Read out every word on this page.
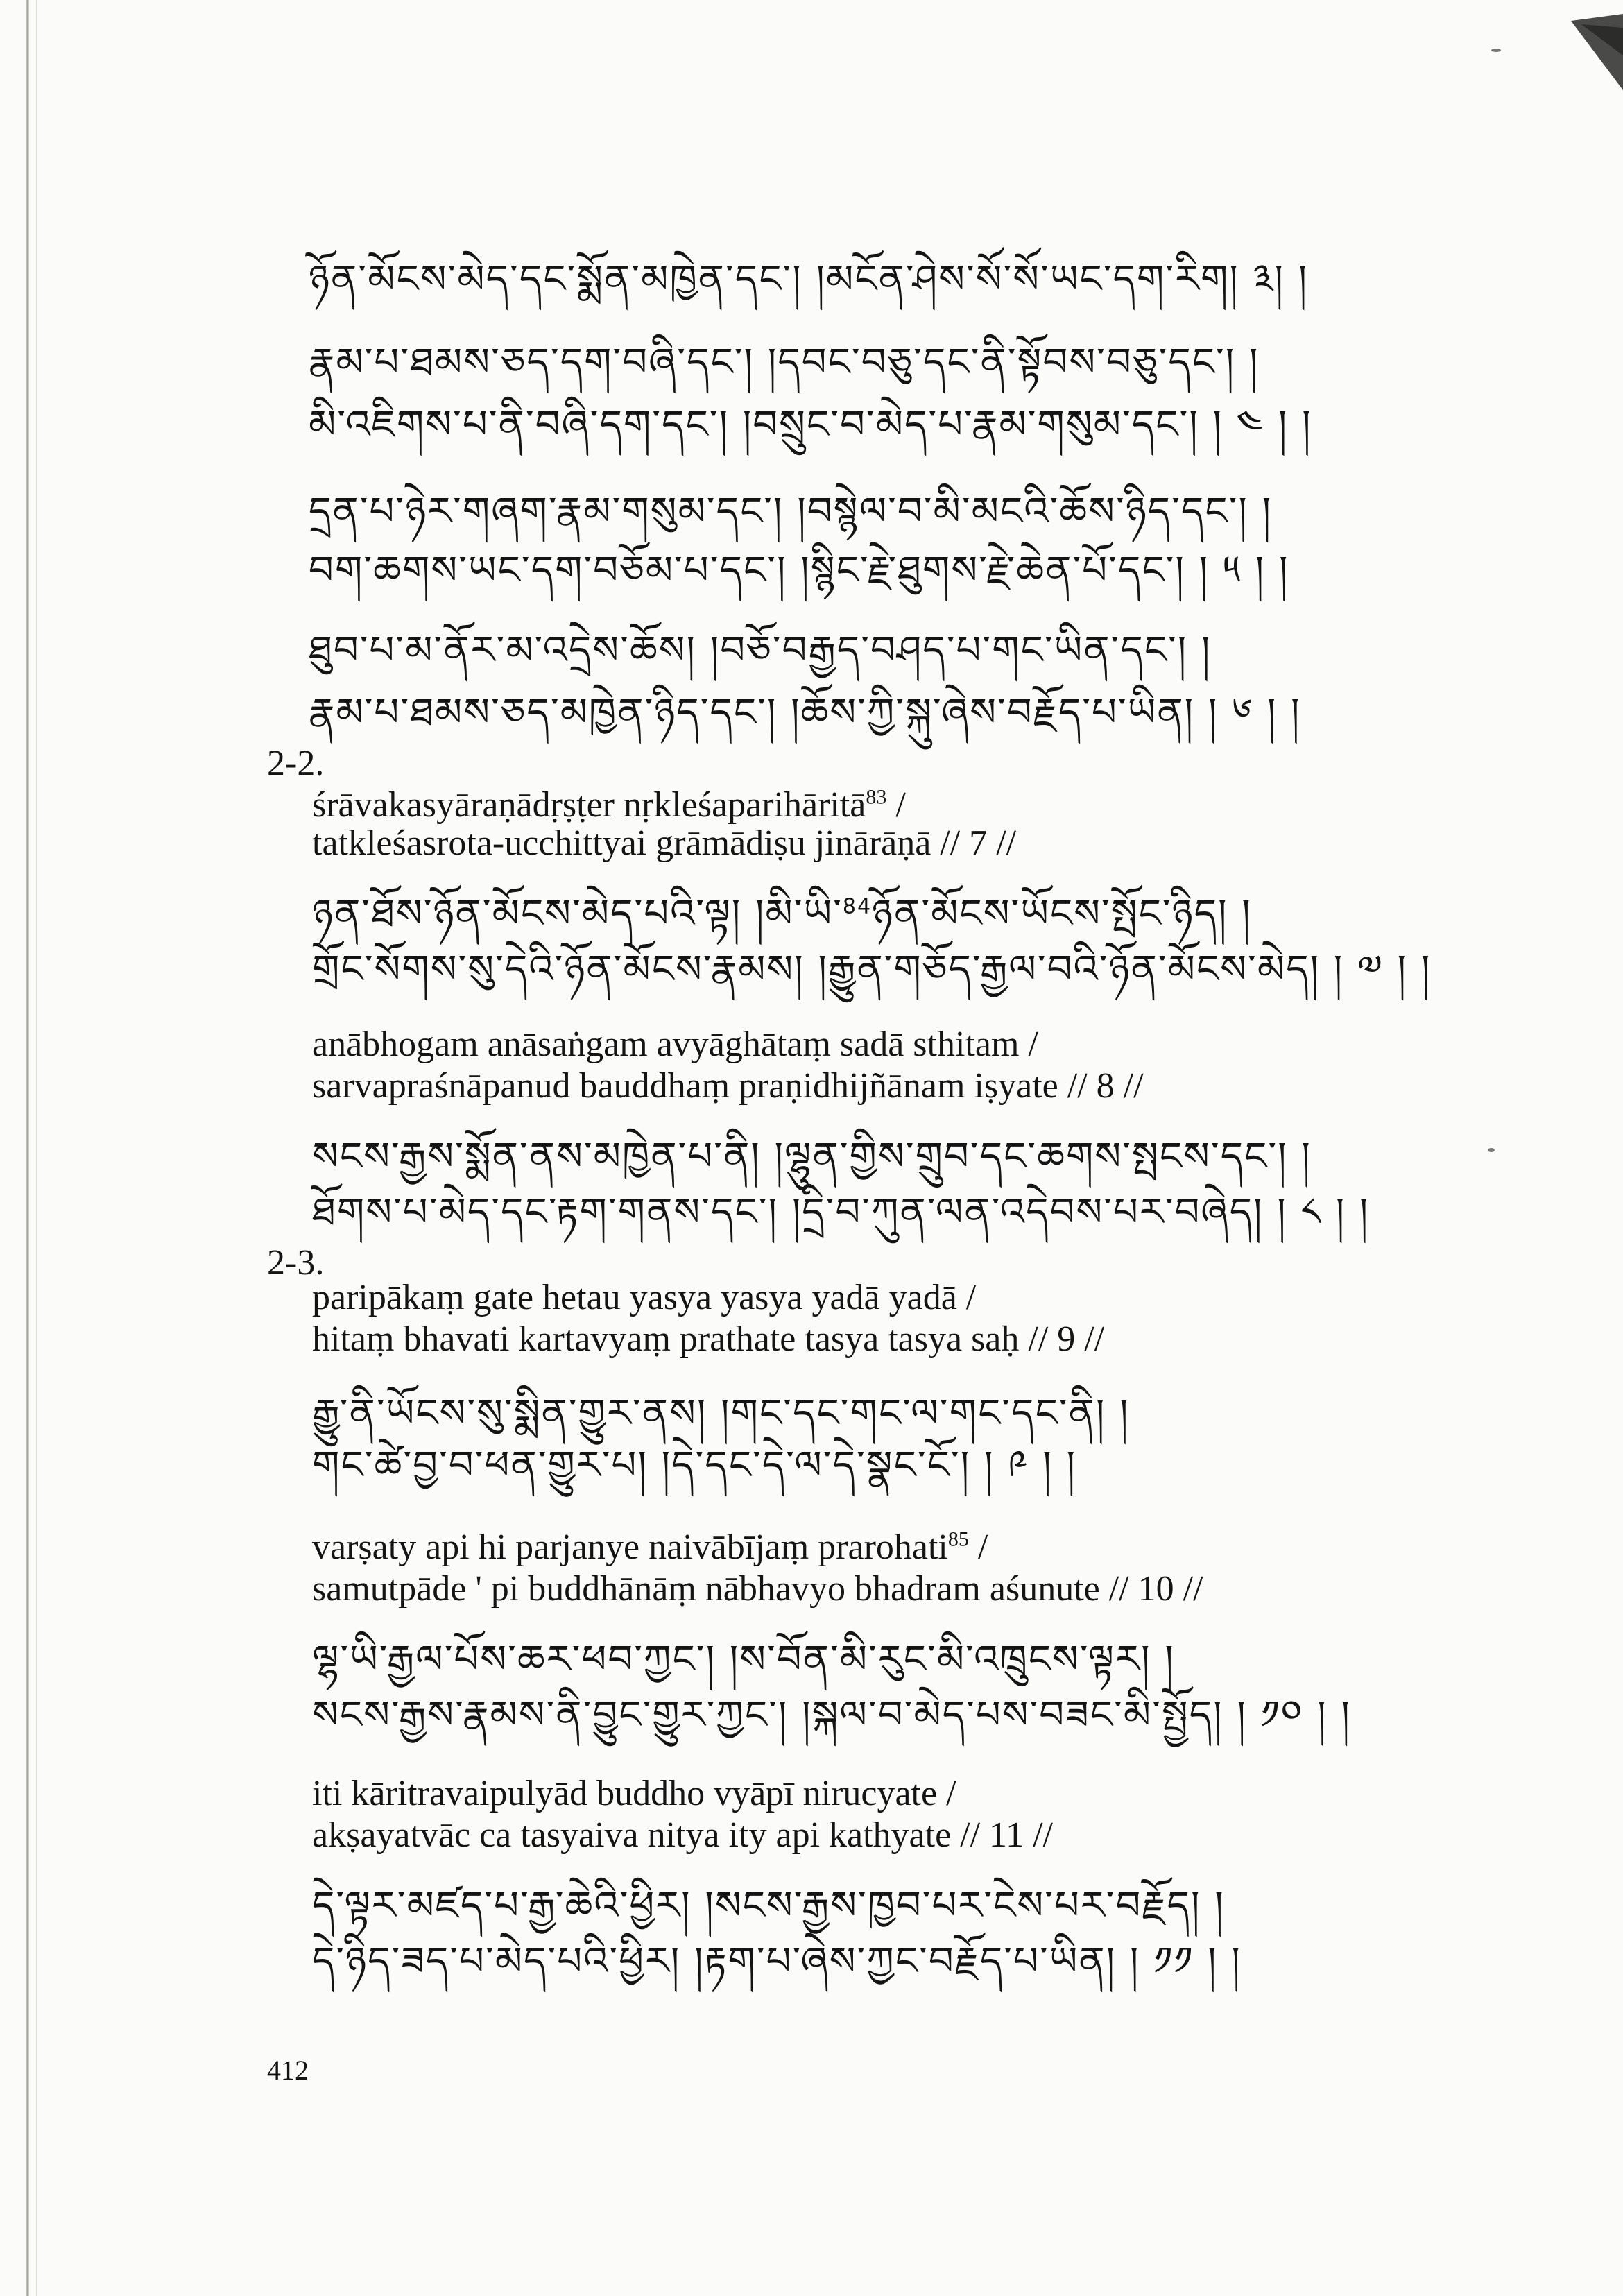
ཉོན་མོངས་མེད་དང་སྨོན་མཁྱེན་དང་། །མངོན་ཤེས་སོ་སོ་ཡང་དག་རིག། ༣། །
རྣམ་པ་ཐམས་ཅད་དག་བཞི་དང་། །དབང་བཅུ་དང་ནི་སྟོབས་བཅུ་དང་། །
མི་འཇིགས་པ་ནི་བཞི་དག་དང་། །བསྲུང་བ་མེད་པ་རྣམ་གསུམ་དང་། ། ༤ ། །
དྲན་པ་ཉེར་གཞག་རྣམ་གསུམ་དང་། །བསྙེལ་བ་མི་མངའི་ཆོས་ཉིད་དང་། །
བག་ཆགས་ཡང་དག་བཅོམ་པ་དང་། །སྙིང་རྗེ་ཐུགས་རྗེ་ཆེན་པོ་དང་། ། ༥ ། །
ཐུབ་པ་མ་ནོར་མ་འདྲེས་ཆོས། །བཅོ་བརྒྱད་བཤད་པ་གང་ཡིན་དང་། །
རྣམ་པ་ཐམས་ཅད་མཁྱེན་ཉིད་དང་། །ཆོས་ཀྱི་སྐུ་ཞེས་བརྗོད་པ་ཡིན། ། ༦ ། །
2-2.
śrāvakasyāraṇādṛṣṭer nṛkleśaparihāritā$^{83}$ /
tatkleśasrota-ucchittyai grāmādiṣu jinārāṇā // 7 //
ཉན་ཐོས་ཉོན་མོངས་མེད་པའི་ལྟ། །མི་ཡི་$^{84}$ཉོན་མོངས་ཡོངས་སྤོང་ཉིད། །
གྲོང་སོགས་སུ་དེའི་ཉོན་མོངས་རྣམས། །རྒྱུན་གཅོད་རྒྱལ་བའི་ཉོན་མོངས་མེད། ། ༧ ། །
anābhogam anāsaṅgam avyāghātaṃ sadā sthitam /
sarvapraśnāpanud bauddhaṃ praṇidhijñānam iṣyate // 8 //
སངས་རྒྱས་སྨོན་ནས་མཁྱེན་པ་ནི། །ལྷུན་གྱིས་གྲུབ་དང་ཆགས་སྤངས་དང་། །
ཐོགས་པ་མེད་དང་རྟག་གནས་དང་། །དྲི་བ་ཀུན་ལན་འདེབས་པར་བཞེད། ། ༨ ། །
2-3.
paripākaṃ gate hetau yasya yasya yadā yadā /
hitaṃ bhavati kartavyaṃ prathate tasya tasya saḥ // 9 //
རྒྱུ་ནི་ཡོངས་སུ་སྨིན་གྱུར་ནས། །གང་དང་གང་ལ་གང་དང་ནི། །
གང་ཚེ་བྱ་བ་ཕན་གྱུར་པ། །དེ་དང་དེ་ལ་དེ་སྣང་ངོ་། ། ༩ ། །
varṣaty api hi parjanye naivābījaṃ prarohati$^{85}$ /
samutpāde ' pi buddhānāṃ nābhavyo bhadram aśunute // 10 //
ལྷ་ཡི་རྒྱལ་པོས་ཆར་ཕབ་ཀྱང་། །ས་བོན་མི་རུང་མི་འཁྲུངས་ལྟར། །
སངས་རྒྱས་རྣམས་ནི་བྱུང་གྱུར་ཀྱང་། །སྐལ་བ་མེད་པས་བཟང་མི་སྤྱོད། ། ༡༠ ། །
iti kāritravaipulyād buddho vyāpī nirucyate /
akṣayatvāc ca tasyaiva nitya ity api kathyate // 11 //
དེ་ལྟར་མཛད་པ་རྒྱ་ཆེའི་ཕྱིར། །སངས་རྒྱས་ཁྱབ་པར་ངེས་པར་བརྗོད། །
དེ་ཉིད་ཟད་པ་མེད་པའི་ཕྱིར། །རྟག་པ་ཞེས་ཀྱང་བརྗོད་པ་ཡིན། ། ༡༡ ། །
412
